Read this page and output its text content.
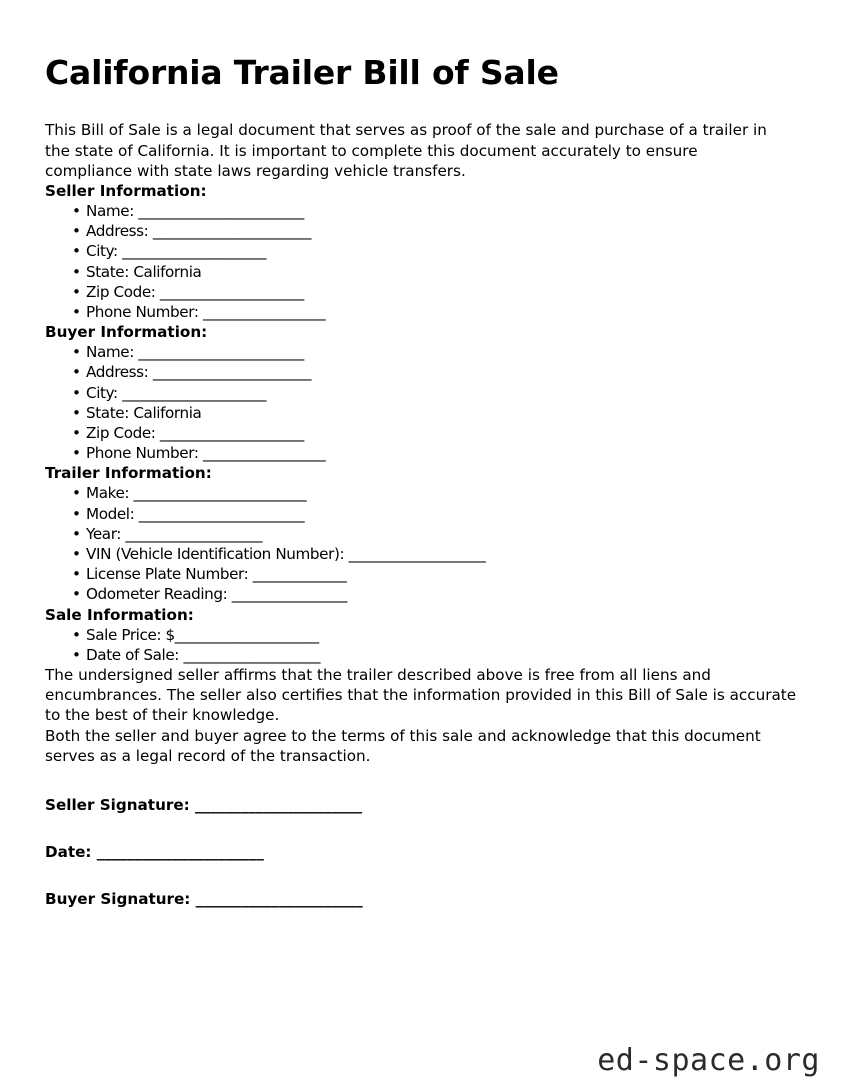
California Trailer Bill of Sale

This Bill of Sale is a legal document that serves as proof of the sale and purchase of a trailer in the state of California. It is important to complete this document accurately to ensure compliance with state laws regarding vehicle transfers.

Seller Information:
• Name: _______________________
• Address: ______________________
• City: ____________________
• State: California
• Zip Code: ____________________
• Phone Number: _________________
Buyer Information:
• Name: _______________________
• Address: ______________________
• City: ____________________
• State: California
• Zip Code: ____________________
• Phone Number: _________________
Trailer Information:
• Make: ________________________
• Model: _______________________
• Year: ___________________
• VIN (Vehicle Identification Number): ___________________
• License Plate Number: _____________
• Odometer Reading: ________________
Sale Information:
• Sale Price: $____________________
• Date of Sale: ___________________

The undersigned seller affirms that the trailer described above is free from all liens and encumbrances. The seller also certifies that the information provided in this Bill of Sale is accurate to the best of their knowledge.

Both the seller and buyer agree to the terms of this sale and acknowledge that this document serves as a legal record of the transaction.

Seller Signature: ______________________

Date: ______________________

Buyer Signature: ______________________

ed-space.org
